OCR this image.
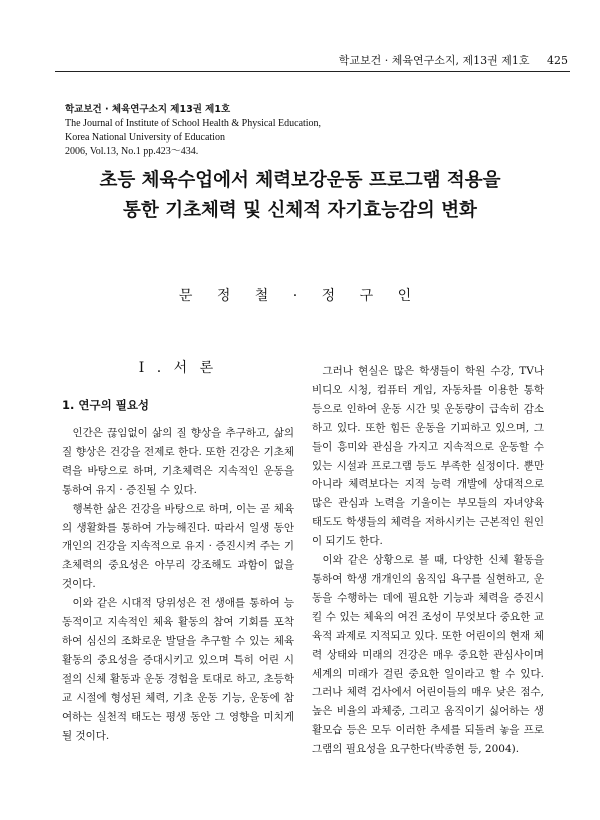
학교보건 · 체육연구소지, 제13권 제1호 425
학교보건 · 체육연구소지 제13권 제1호
The Journal of Institute of School Health & Physical Education,
Korea National University of Education
2006, Vol.13, No.1 pp.423～434.
초등 체육수업에서 체력보강운동 프로그램 적용을
통한 기초체력 및 신체적 자기효능감의 변화
문 정 철 · 정 구 인
I . 서 론
1. 연구의 필요성

인간은 끊임없이 삶의 질 향상을 추구하고, 삶의 질 향상은 건강을 전제로 한다. 또한 건강은 기초체력을 바탕으로 하며, 기초체력은 지속적인 운동을 통하여 유지 · 증진될 수 있다.

행복한 삶은 건강을 바탕으로 하며, 이는 곧 체육의 생활화를 통하여 가능해진다. 따라서 일생 동안 개인의 건강을 지속적으로 유지 · 증진시켜 주는 기초체력의 중요성은 아무리 강조해도 과함이 없을 것이다.

이와 같은 시대적 당위성은 전 생애를 통하여 능동적이고 지속적인 체육 활동의 참여 기회를 포착하여 심신의 조화로운 발달을 추구할 수 있는 체육활동의 중요성을 증대시키고 있으며 특히 어린 시절의 신체 활동과 운동 경험을 토대로 하고, 초등학교 시절에 형성된 체력, 기초 운동 기능, 운동에 참여하는 실천적 태도는 평생 동안 그 영향을 미치게 될 것이다.

그러나 현실은 많은 학생들이 학원 수강, TV나 비디오 시청, 컴퓨터 게임, 자동차를 이용한 통학 등으로 인하여 운동 시간 및 운동량이 급속히 감소하고 있다. 또한 힘든 운동을 기피하고 있으며, 그들이 흥미와 관심을 가지고 지속적으로 운동할 수 있는 시설과 프로그램 등도 부족한 실정이다. 뿐만 아니라 체력보다는 지적 능력 개발에 상대적으로 많은 관심과 노력을 기울이는 부모들의 자녀양육 태도도 학생들의 체력을 저하시키는 근본적인 원인이 되기도 한다.

이와 같은 상황으로 볼 때, 다양한 신체 활동을 통하여 학생 개개인의 움직임 욕구를 실현하고, 운동을 수행하는 데에 필요한 기능과 체력을 증진시킬 수 있는 체육의 여건 조성이 무엇보다 중요한 교육적 과제로 지적되고 있다. 또한 어린이의 현재 체력 상태와 미래의 건강은 매우 중요한 관심사이며 세계의 미래가 걸린 중요한 일이라고 할 수 있다. 그러나 체력 검사에서 어린이들의 매우 낮은 점수, 높은 비율의 과체중, 그리고 움직이기 싫어하는 생활모습 등은 모두 이러한 추세를 되돌려 놓을 프로그램의 필요성을 요구한다(박종현 등, 2004).
